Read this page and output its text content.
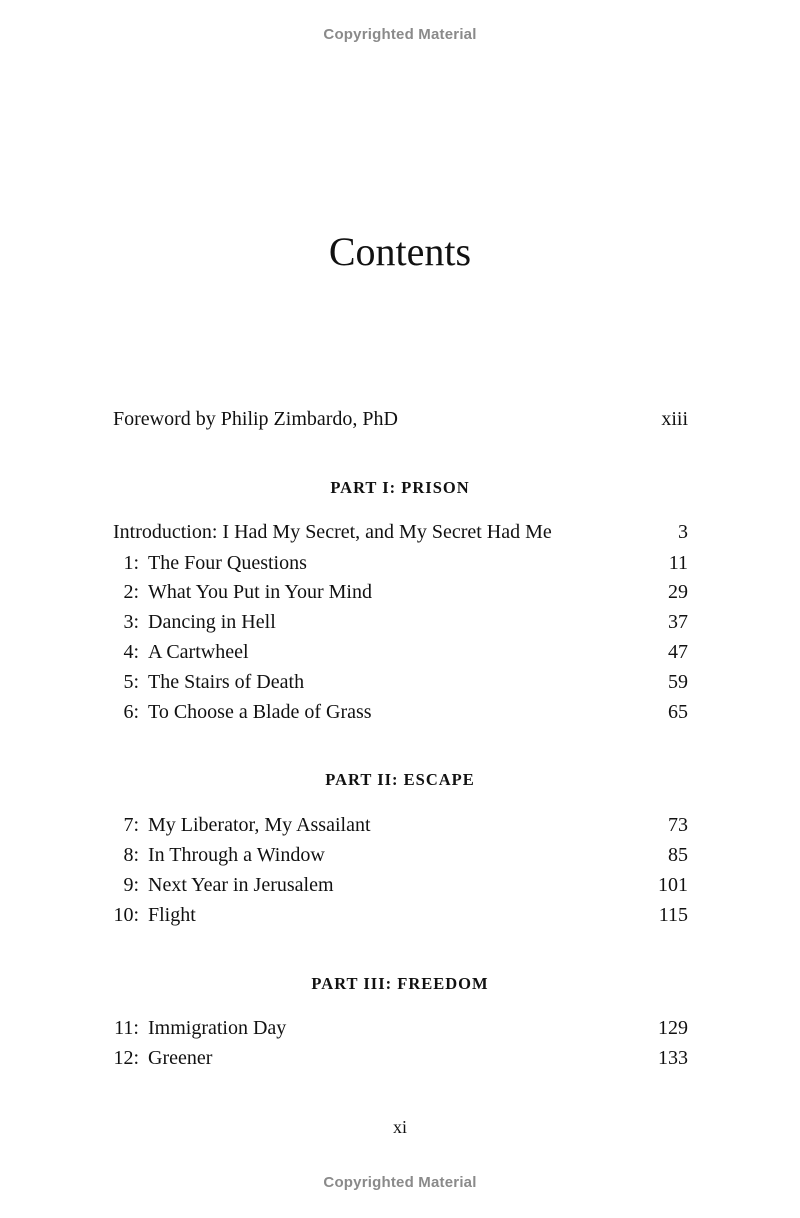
Copyrighted Material
Contents
Foreword by Philip Zimbardo, PhD	xiii
PART I: PRISON
Introduction: I Had My Secret, and My Secret Had Me	3
1: The Four Questions	11
2: What You Put in Your Mind	29
3: Dancing in Hell	37
4: A Cartwheel	47
5: The Stairs of Death	59
6: To Choose a Blade of Grass	65
PART II: ESCAPE
7: My Liberator, My Assailant	73
8: In Through a Window	85
9: Next Year in Jerusalem	101
10: Flight	115
PART III: FREEDOM
11: Immigration Day	129
12: Greener	133
xi
Copyrighted Material
